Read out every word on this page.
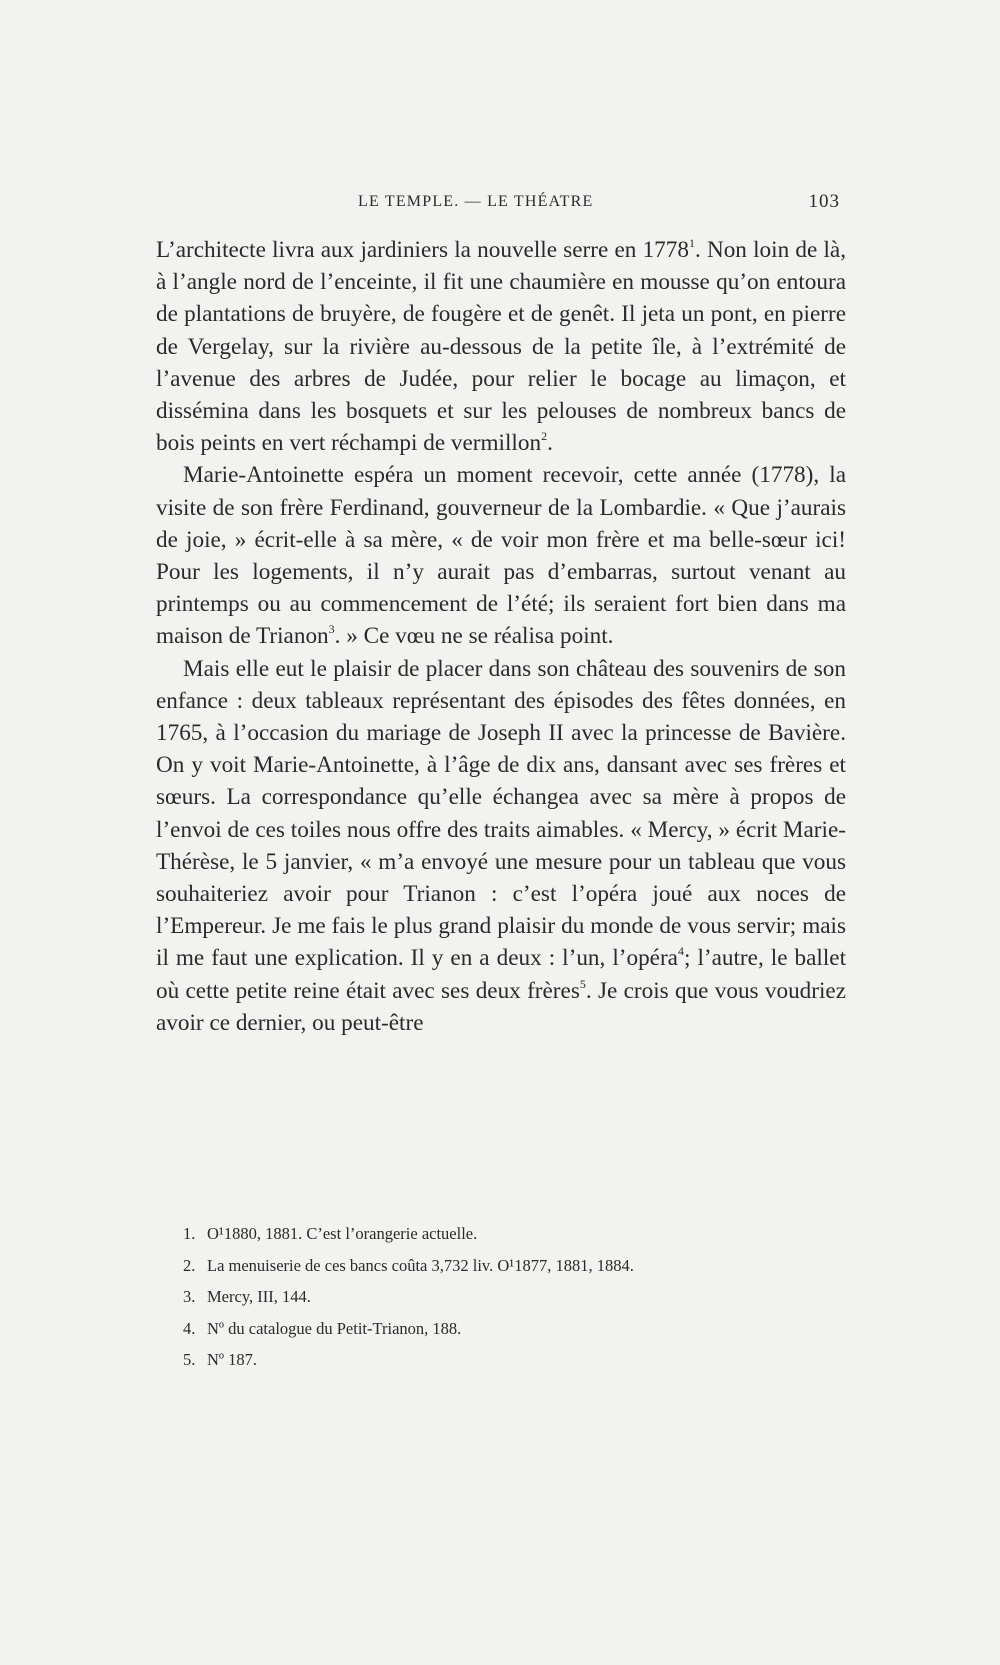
LE TEMPLE. — LE THÉATRE	103

L’architecte livra aux jardiniers la nouvelle serre en 1778$^1$. Non loin de là, à l’angle nord de l’enceinte, il fit une chaumière en mousse qu’on entoura de plantations de bruyère, de fougère et de genêt. Il jeta un pont, en pierre de Vergelay, sur la rivière au-dessous de la petite île, à l’extrémité de l’avenue des arbres de Judée, pour relier le bocage au limaçon, et dissémina dans les bosquets et sur les pelouses de nombreux bancs de bois peints en vert réchampi de vermillon$^2$.

Marie-Antoinette espéra un moment recevoir, cette année (1778), la visite de son frère Ferdinand, gouverneur de la Lombardie. « Que j’aurais de joie, » écrit-elle à sa mère, « de voir mon frère et ma belle-sœur ici! Pour les logements, il n’y aurait pas d’embarras, surtout venant au printemps ou au commencement de l’été; ils seraient fort bien dans ma maison de Trianon$^3$. » Ce vœu ne se réalisa point.

Mais elle eut le plaisir de placer dans son château des souvenirs de son enfance : deux tableaux représentant des épisodes des fêtes données, en 1765, à l’occasion du mariage de Joseph II avec la princesse de Bavière. On y voit Marie-Antoinette, à l’âge de dix ans, dansant avec ses frères et sœurs. La correspondance qu’elle échangea avec sa mère à propos de l’envoi de ces toiles nous offre des traits aimables. « Mercy, » écrit Marie-Thérèse, le 5 janvier, « m’a envoyé une mesure pour un tableau que vous souhaiteriez avoir pour Trianon : c’est l’opéra joué aux noces de l’Empereur. Je me fais le plus grand plaisir du monde de vous servir; mais il me faut une explication. Il y en a deux : l’un, l’opéra$^4$; l’autre, le ballet où cette petite reine était avec ses deux frères$^5$. Je crois que vous voudriez avoir ce dernier, ou peut-être

1. O¹1880, 1881. C’est l’orangerie actuelle.
2. La menuiserie de ces bancs coûta 3,732 liv. O¹1877, 1881, 1884.
3. Mercy, III, 144.
4. Nº du catalogue du Petit-Trianon, 188.
5. Nº 187.
